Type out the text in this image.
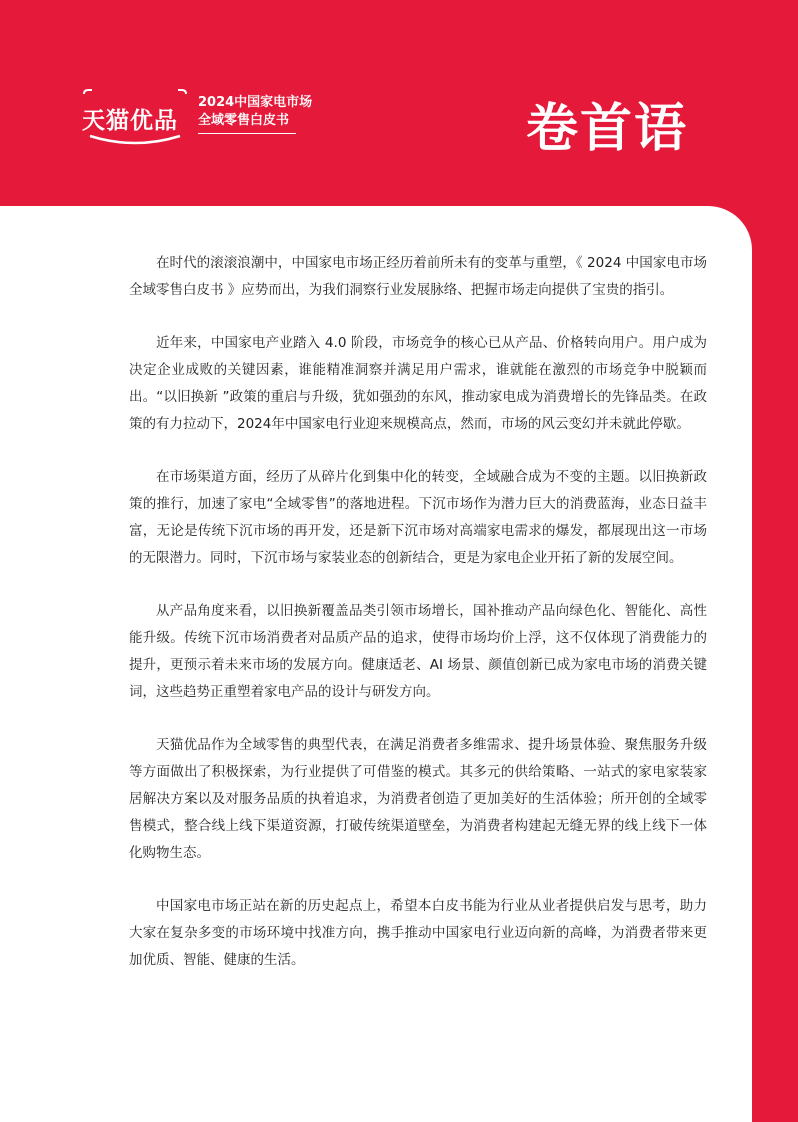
天猫优品
2024中国家电市场
全域零售白皮书	卷首语

在时代的滚滚浪潮中，中国家电市场正经历着前所未有的变革与重塑，《 2024 中国家电市场全域零售白皮书 》应势而出，为我们洞察行业发展脉络、把握市场走向提供了宝贵的指引。

近年来，中国家电产业踏入 4.0 阶段，市场竞争的核心已从产品、价格转向用户。用户成为决定企业成败的关键因素，谁能精准洞察并满足用户需求，谁就能在激烈的市场竞争中脱颖而出。“以旧换新 ”政策的重启与升级，犹如强劲的东风，推动家电成为消费增长的先锋品类。在政策的有力拉动下，2024年中国家电行业迎来规模高点，然而，市场的风云变幻并未就此停歇。

在市场渠道方面，经历了从碎片化到集中化的转变，全域融合成为不变的主题。以旧换新政策的推行，加速了家电“全域零售”的落地进程。下沉市场作为潜力巨大的消费蓝海，业态日益丰富，无论是传统下沉市场的再开发，还是新下沉市场对高端家电需求的爆发，都展现出这一市场的无限潜力。同时，下沉市场与家装业态的创新结合，更是为家电企业开拓了新的发展空间。

从产品角度来看，以旧换新覆盖品类引领市场增长，国补推动产品向绿色化、智能化、高性能升级。传统下沉市场消费者对品质产品的追求，使得市场均价上浮，这不仅体现了消费能力的提升，更预示着未来市场的发展方向。健康适老、AI 场景、颜值创新已成为家电市场的消费关键词，这些趋势正重塑着家电产品的设计与研发方向。

天猫优品作为全域零售的典型代表，在满足消费者多维需求、提升场景体验、聚焦服务升级等方面做出了积极探索，为行业提供了可借鉴的模式。其多元的供给策略、一站式的家电家装家居解决方案以及对服务品质的执着追求，为消费者创造了更加美好的生活体验；所开创的全域零售模式，整合线上线下渠道资源，打破传统渠道壁垒，为消费者构建起无缝无界的线上线下一体化购物生态。

中国家电市场正站在新的历史起点上，希望本白皮书能为行业从业者提供启发与思考，助力大家在复杂多变的市场环境中找准方向，携手推动中国家电行业迈向新的高峰，为消费者带来更加优质、智能、健康的生活。
